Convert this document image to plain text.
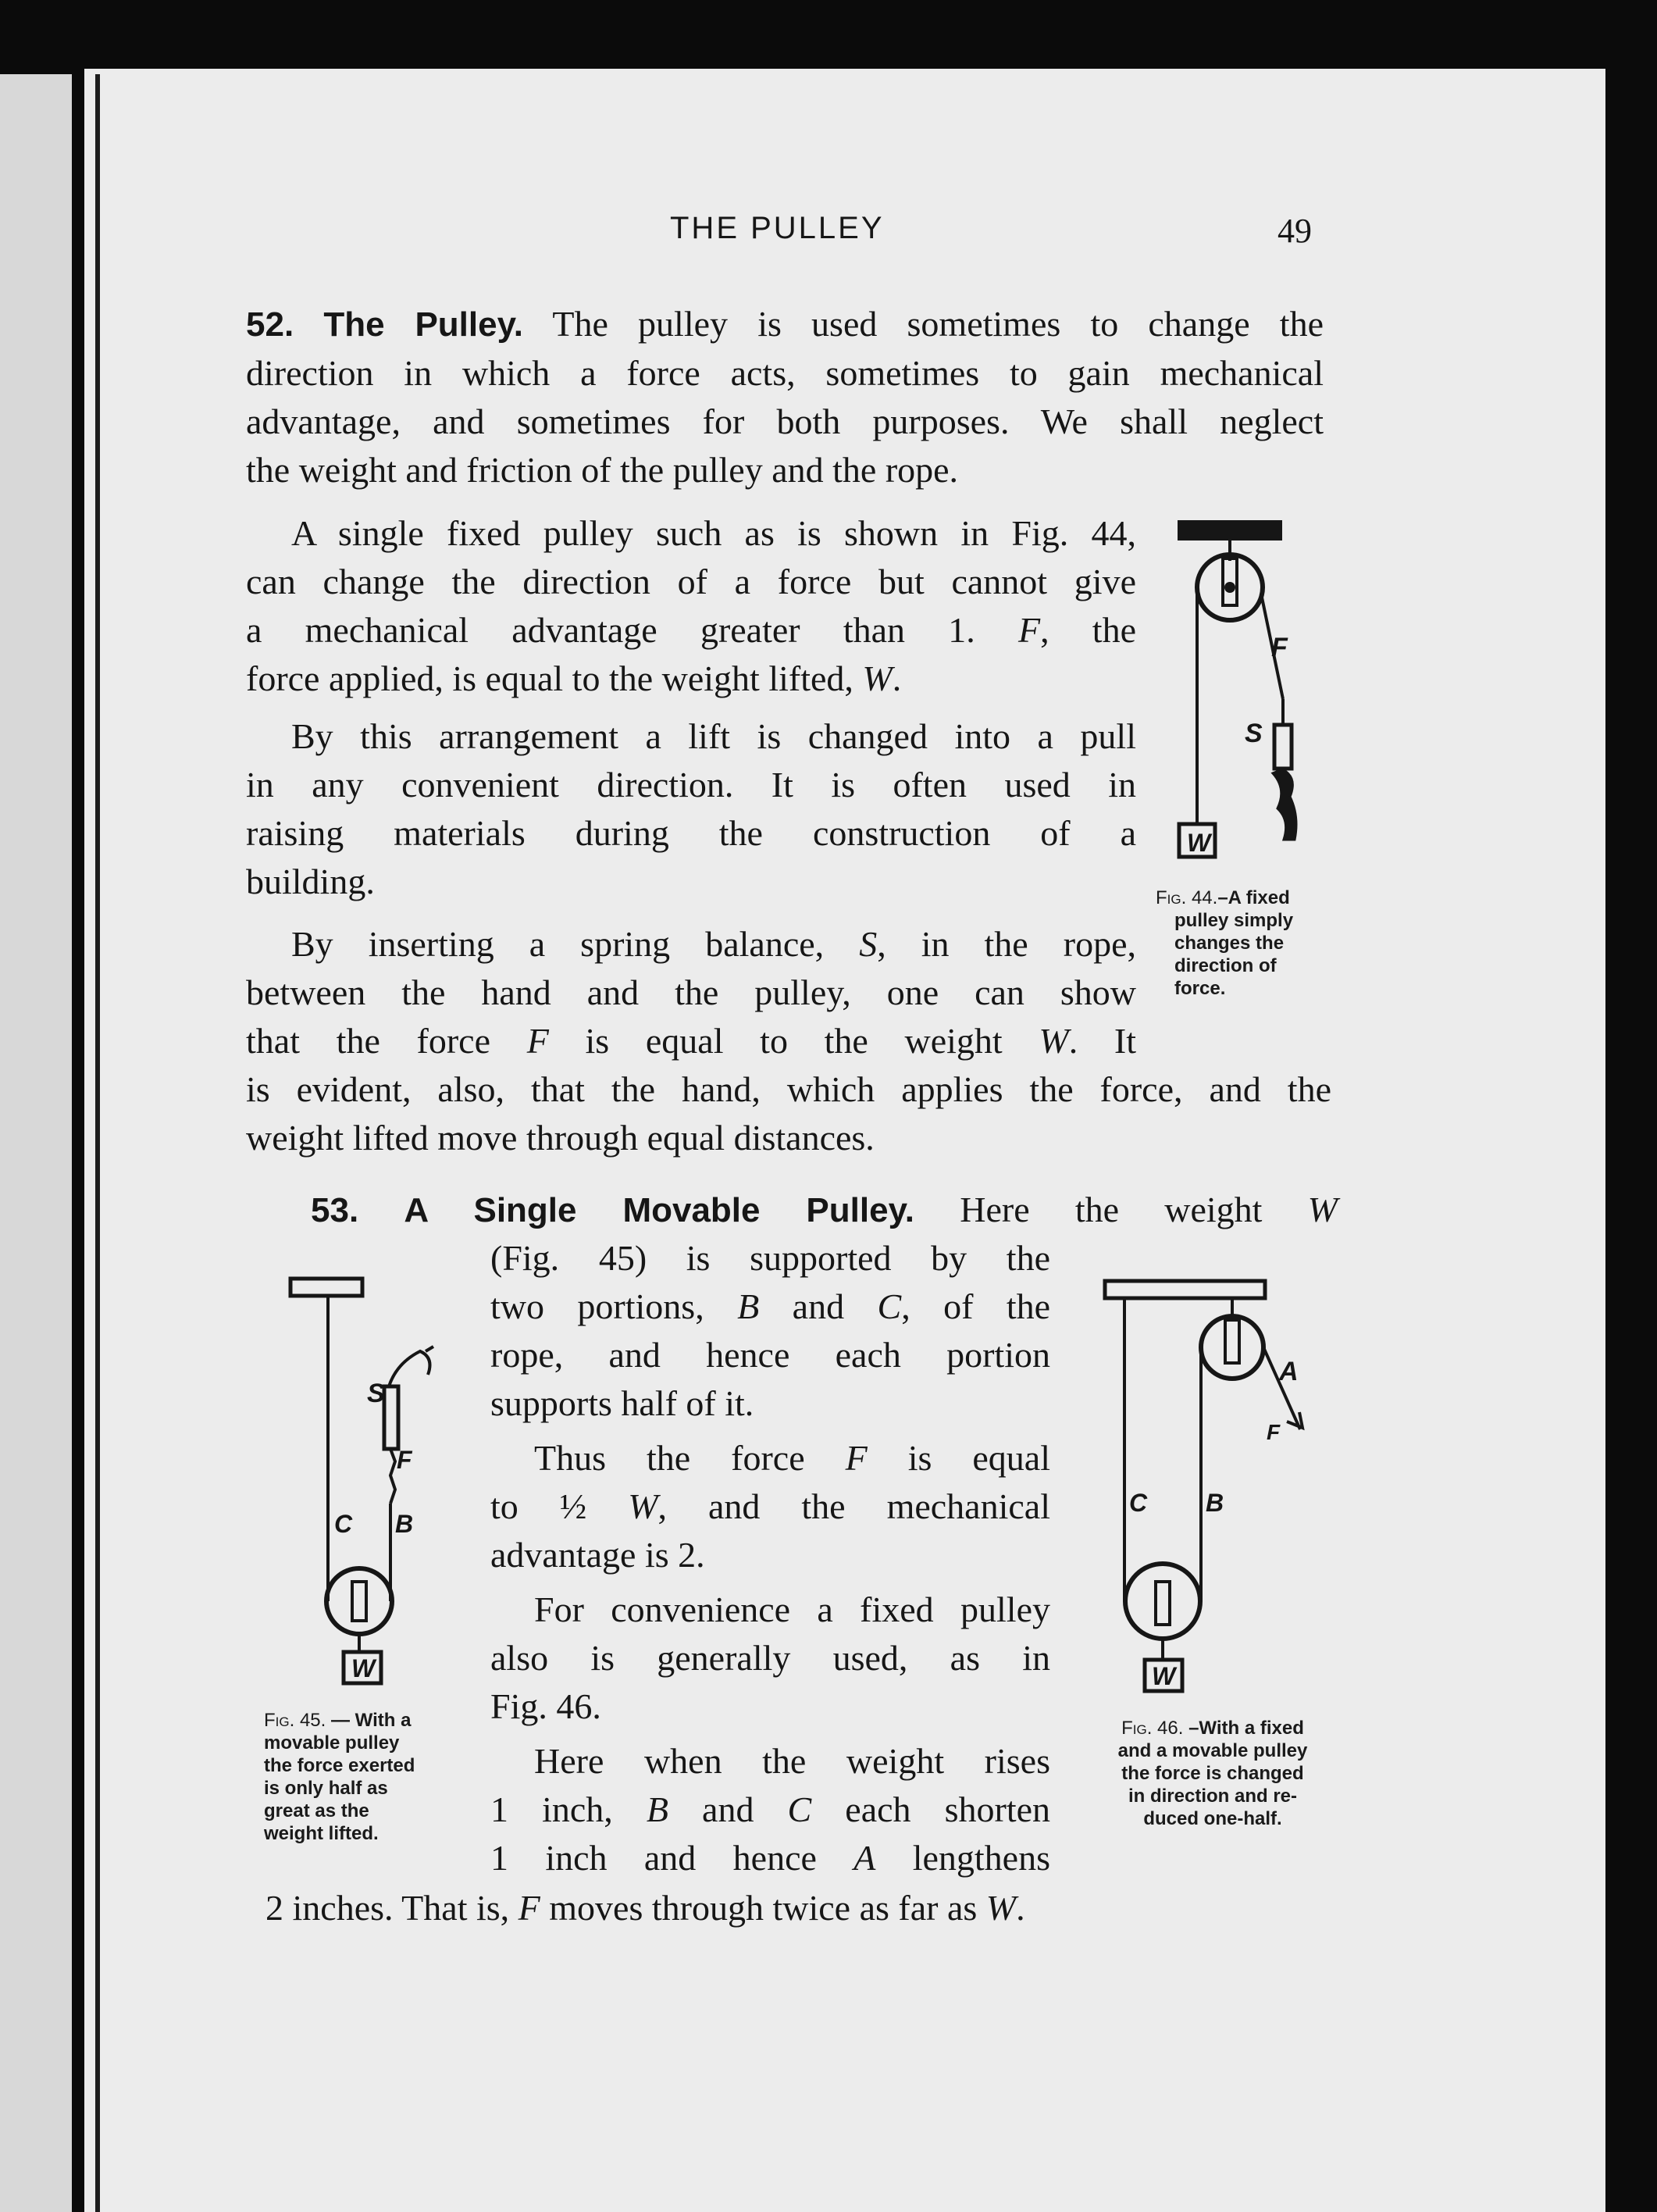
THE PULLEY	49
52. The Pulley. The pulley is used sometimes to change the
direction in which a force acts, sometimes to gain mechanical
advantage, and sometimes for both purposes. We shall neglect
the weight and friction of the pulley and the rope.
A single fixed pulley such as is shown in Fig. 44,
can change the direction of a force but cannot give
a mechanical advantage greater than 1. F, the
force applied, is equal to the weight lifted, W.
By this arrangement a lift is changed into a pull
in any convenient direction. It is often used in
raising materials during the construction of a
building.
By inserting a spring balance, S, in the rope,
between the hand and the pulley, one can show
that the force F is equal to the weight W. It
is evident, also, that the hand, which applies the force, and the
weight lifted move through equal distances.
53. A Single Movable Pulley. Here the weight W
(Fig. 45) is supported by the
two portions, B and C, of the
rope, and hence each portion
supports half of it.
Thus the force F is equal
to ½ W, and the mechanical
advantage is 2.
For convenience a fixed pulley
also is generally used, as in
Fig. 46.
Here when the weight rises
1 inch, B and C each shorten
1 inch and hence A lengthens
2 inches. That is, F moves through twice as far as W.
F
S
W
Fig. 44.–A fixed
pulley simply
changes the
direction of
force.
S
F
C B
W
Fig. 45. — With a
movable pulley
the force exerted
is only half as
great as the
weight lifted.
A
F
C B
W
Fig. 46. –With a fixed
and a movable pulley
the force is changed
in direction and re-
duced one-half.
